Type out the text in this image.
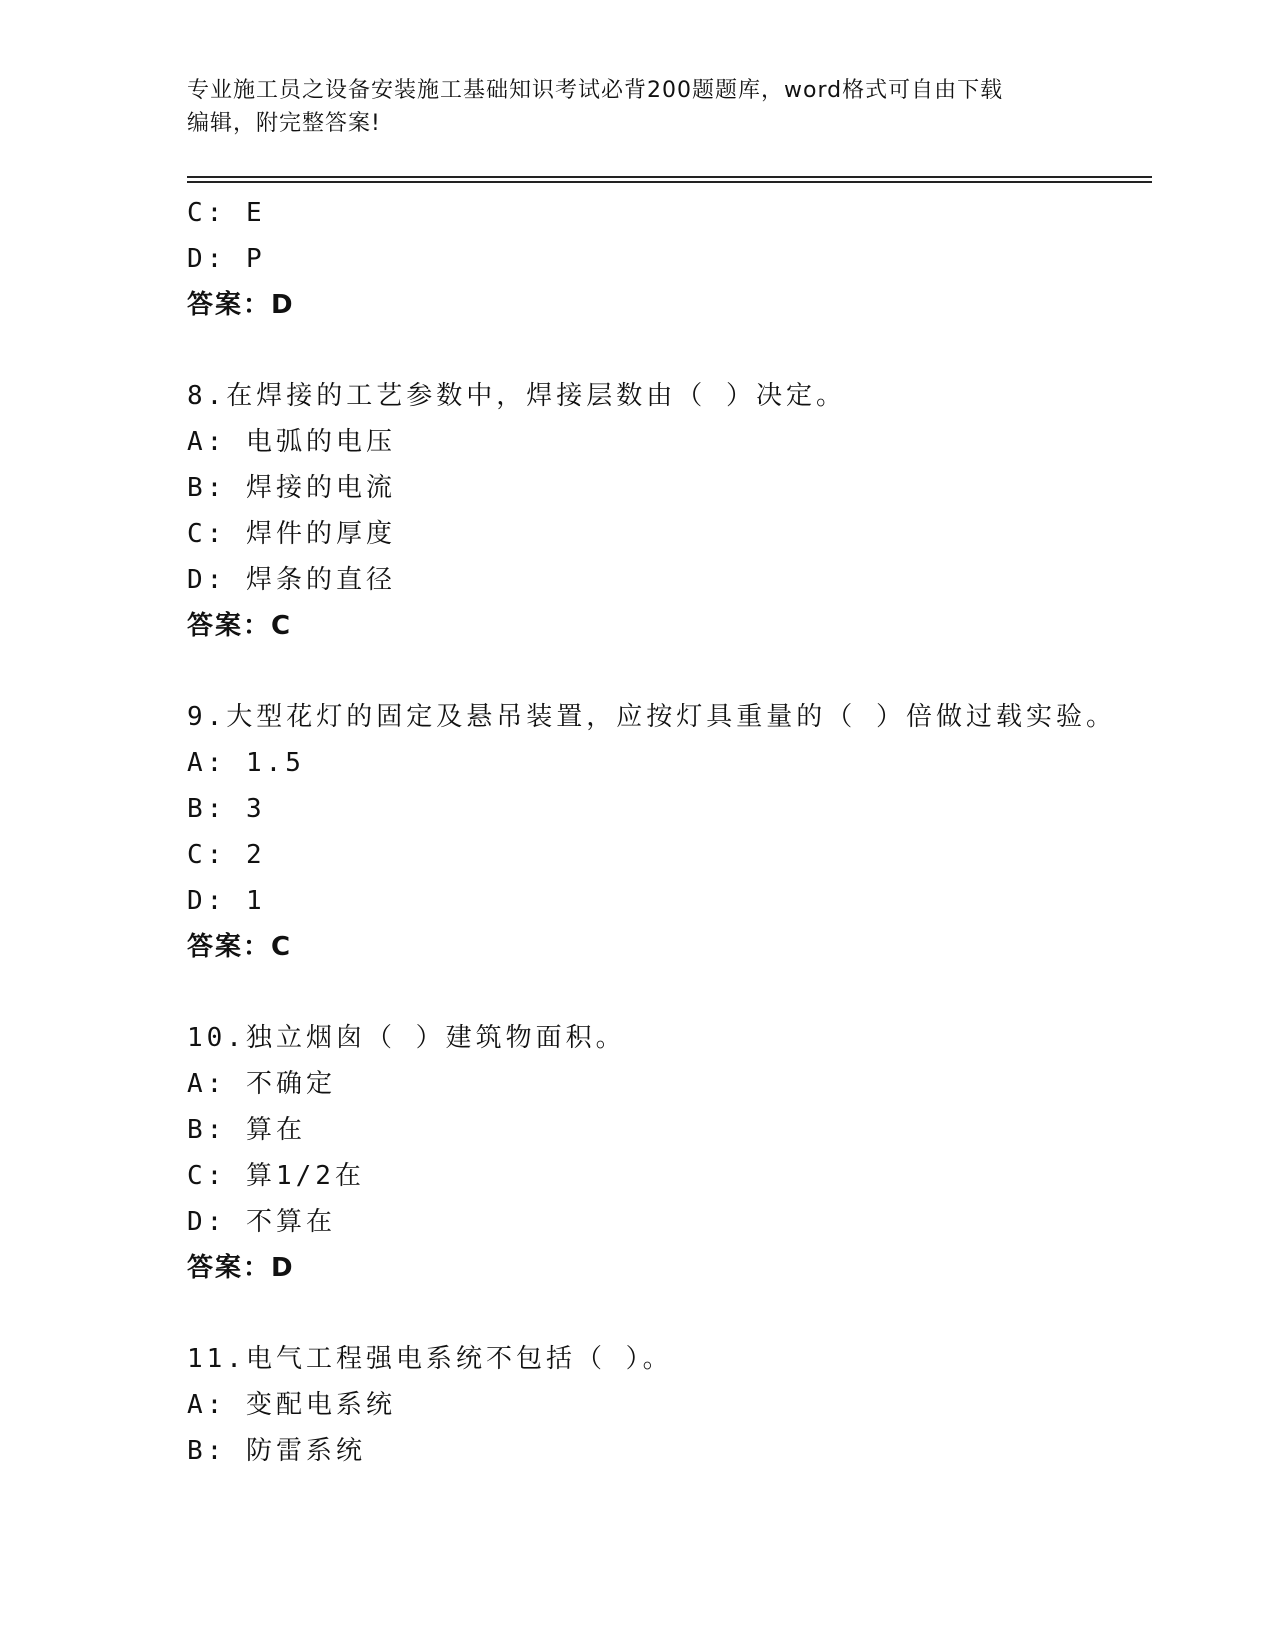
专业施工员之设备安装施工基础知识考试必背200题题库，word格式可自由下载
编辑，附完整答案!
C: E
D: P
答案：D
8.在焊接的工艺参数中，焊接层数由（ ）决定。
A: 电弧的电压
B: 焊接的电流
C: 焊件的厚度
D: 焊条的直径
答案：C
9.大型花灯的固定及悬吊装置，应按灯具重量的（ ）倍做过载实验。
A: 1.5
B: 3
C: 2
D: 1
答案：C
10.独立烟囱（ ）建筑物面积。
A: 不确定
B: 算在
C: 算1/2在
D: 不算在
答案：D
11.电气工程强电系统不包括（ ）。
A: 变配电系统
B: 防雷系统
